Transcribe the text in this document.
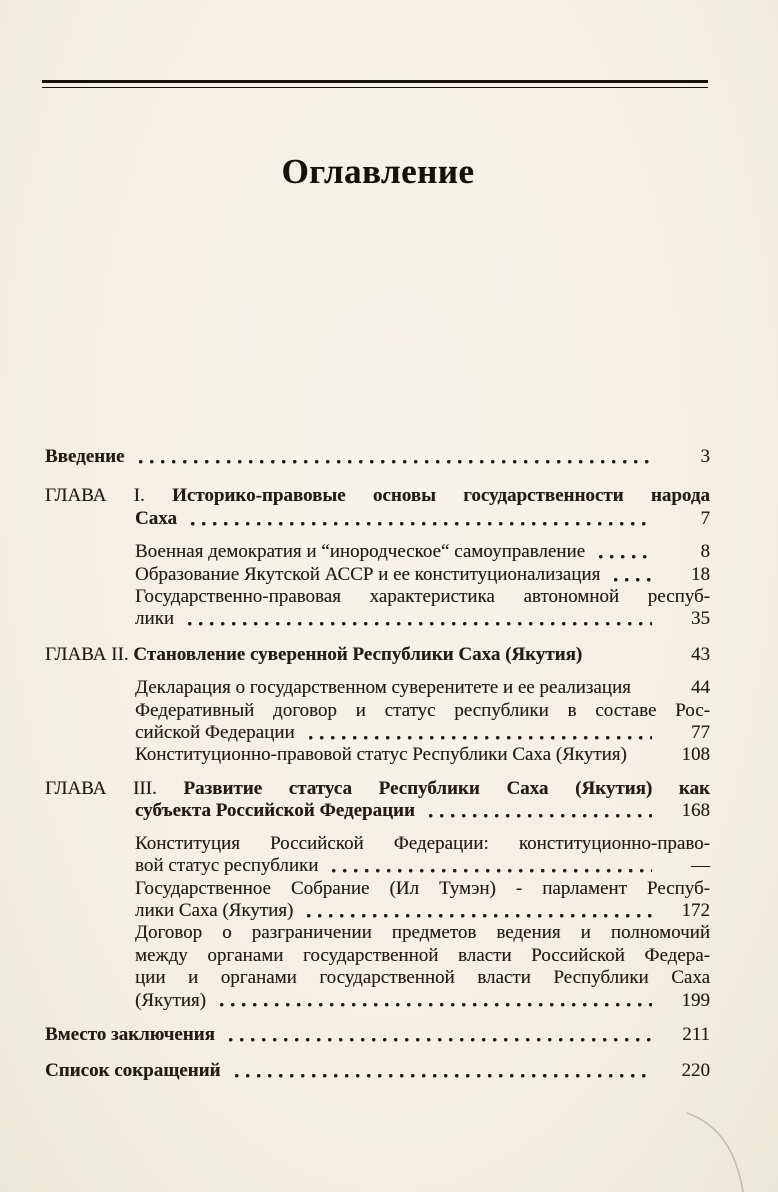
Оглавление
Введение	3
ГЛАВА I. Историко-правовые основы государственности народа
Саха	7
Военная демократия и “инородческое“ самоуправление	8
Образование Якутской АССР и ее конституционализация	18
Государственно-правовая характеристика автономной респуб-
лики	35
ГЛАВА II. Становление суверенной Республики Саха (Якутия)	43
Декларация о государственном суверенитете и ее реализация	44
Федеративный договор и статус республики в составе Рос-
сийской Федерации	77
Конституционно-правовой статус Республики Саха (Якутия)	108
ГЛАВА III. Развитие статуса Республики Саха (Якутия) как
субъекта Российской Федерации	168
Конституция Российской Федерации: конституционно-право-
вой статус республики	—
Государственное Собрание (Ил Тумэн) - парламент Респуб-
лики Саха (Якутия)	172
Договор о разграничении предметов ведения и полномочий
между органами государственной власти Российской Федера-
ции и органами государственной власти Республики Саха
(Якутия)	199
Вместо заключения	211
Список сокращений	220
